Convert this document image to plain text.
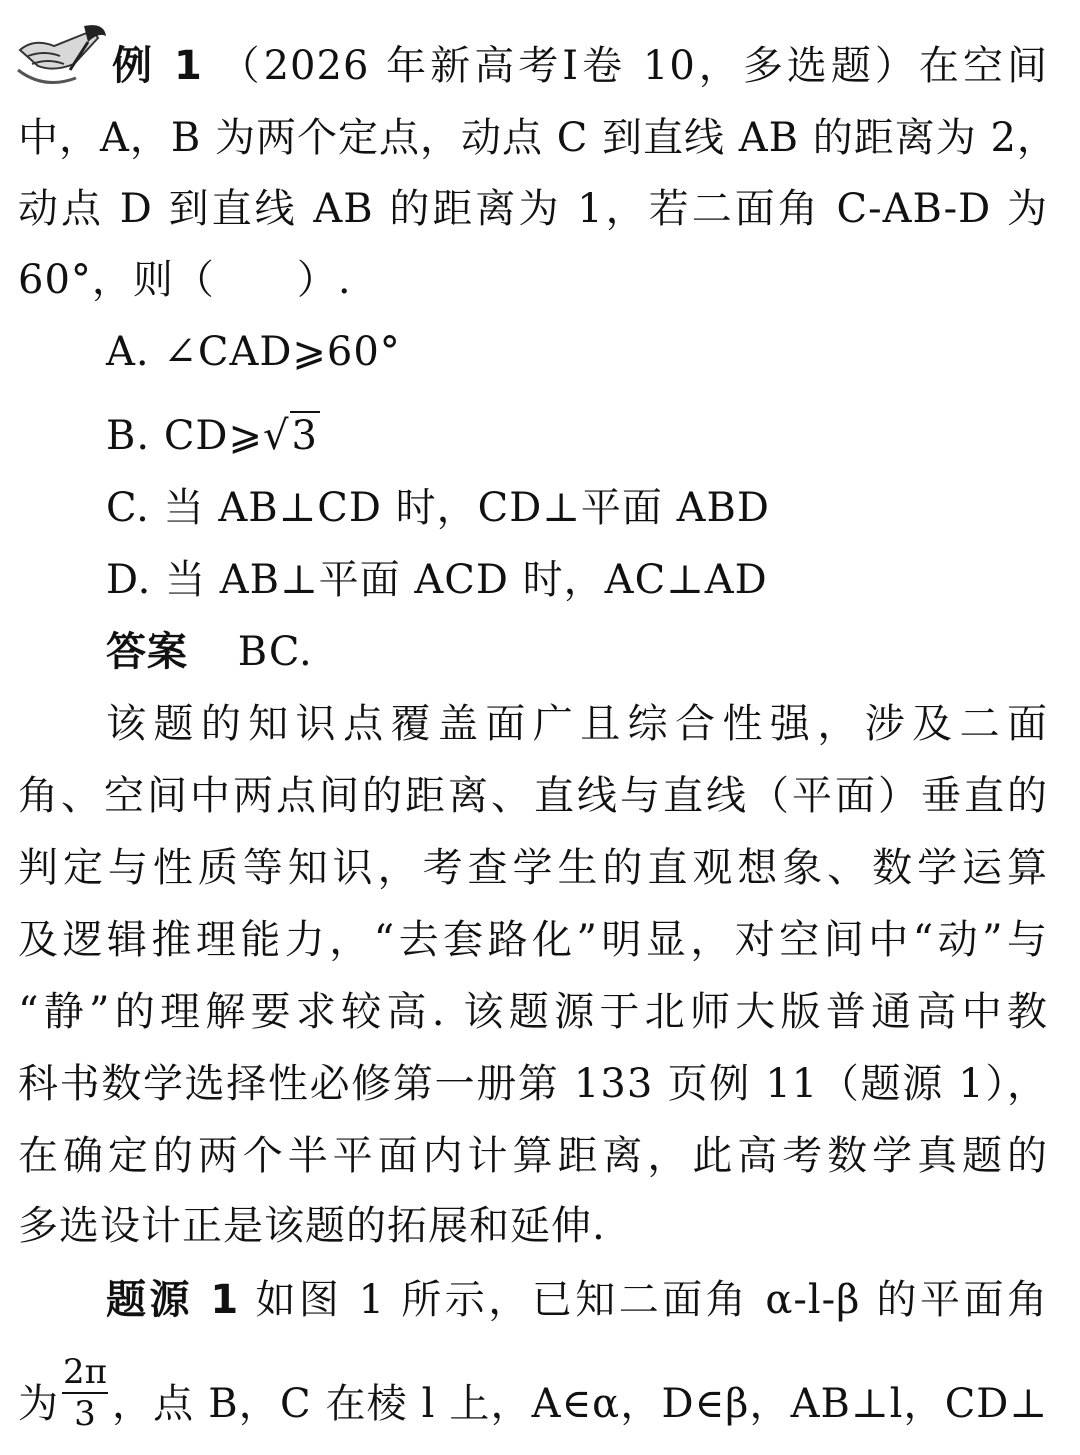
例 1 （2026 年新高考Ⅰ卷 10，多选题）在空间
中，A，B 为两个定点，动点 C 到直线 AB 的距离为 2，
动点 D 到直线 AB 的距离为 1，若二面角 C-AB-D 为
60°，则（　　）.
A. ∠CAD⩾60°
B. CD⩾√3
C. 当 AB⊥CD 时，CD⊥平面 ABD
D. 当 AB⊥平面 ACD 时，AC⊥AD
答案 BC.
该题的知识点覆盖面广且综合性强，涉及二面
角、空间中两点间的距离、直线与直线（平面）垂直的
判定与性质等知识，考查学生的直观想象、数学运算
及逻辑推理能力，“去套路化”明显，对空间中“动”与
“静”的理解要求较高. 该题源于北师大版普通高中教
科书数学选择性必修第一册第 133 页例 11（题源 1），
在确定的两个半平面内计算距离，此高考数学真题的
多选设计正是该题的拓展和延伸.
题源 1 如图 1 所示，已知二面角 α-l-β 的平面角
为 $\frac{2\pi}{3}$ ，点 B，C 在棱 l 上，A∈α，D∈β，AB⊥l，CD⊥
